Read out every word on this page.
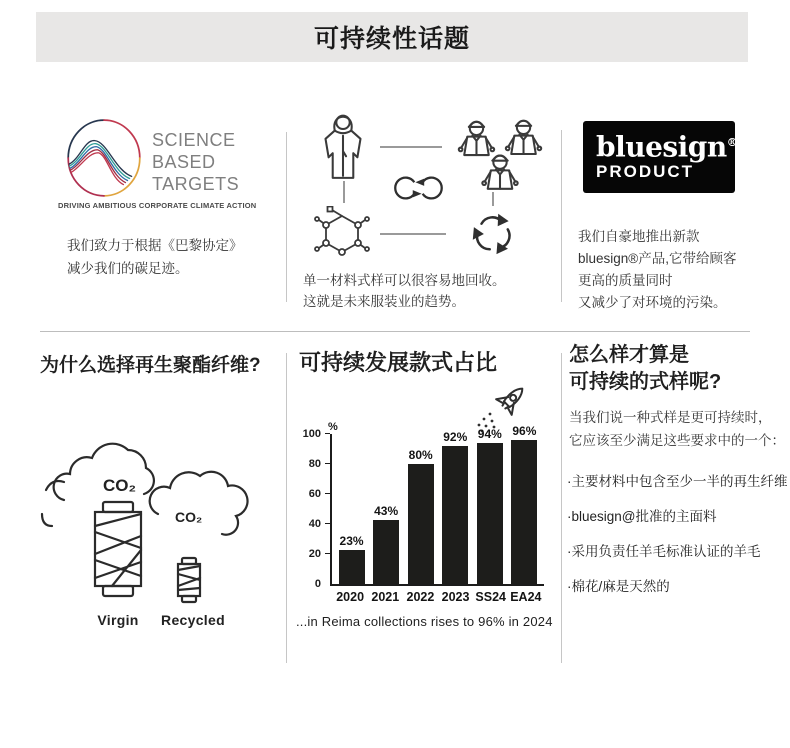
可持续性话题
SCIENCE
BASED
TARGETS
DRIVING AMBITIOUS CORPORATE CLIMATE ACTION
我们致力于根据《巴黎协定》
减少我们的碳足迹。
单一材料式样可以很容易地回收。
这就是未来服装业的趋势。
bluesign®
PRODUCT
我们自豪地推出新款
bluesign®产品,它带给顾客
更高的质量同时
又减少了对环境的污染。
为什么选择再生聚酯纤维?
CO₂
CO₂
Virgin	Recycled
可持续发展款式占比
%
100
80
60
40
20
0
23%
43%
80%
92% 94% 96%
2020 2021 2022 2023 SS24 EA24
...in Reima collections rises to 96% in 2024
怎么样才算是
可持续的式样呢?
当我们说一种式样是更可持续时，
它应该至少满足这些要求中的一个：
·主要材料中包含至少一半的再生纤维
·bluesign@批准的主面料
·采用负责任羊毛标准认证的羊毛
·棉花/麻是天然的
